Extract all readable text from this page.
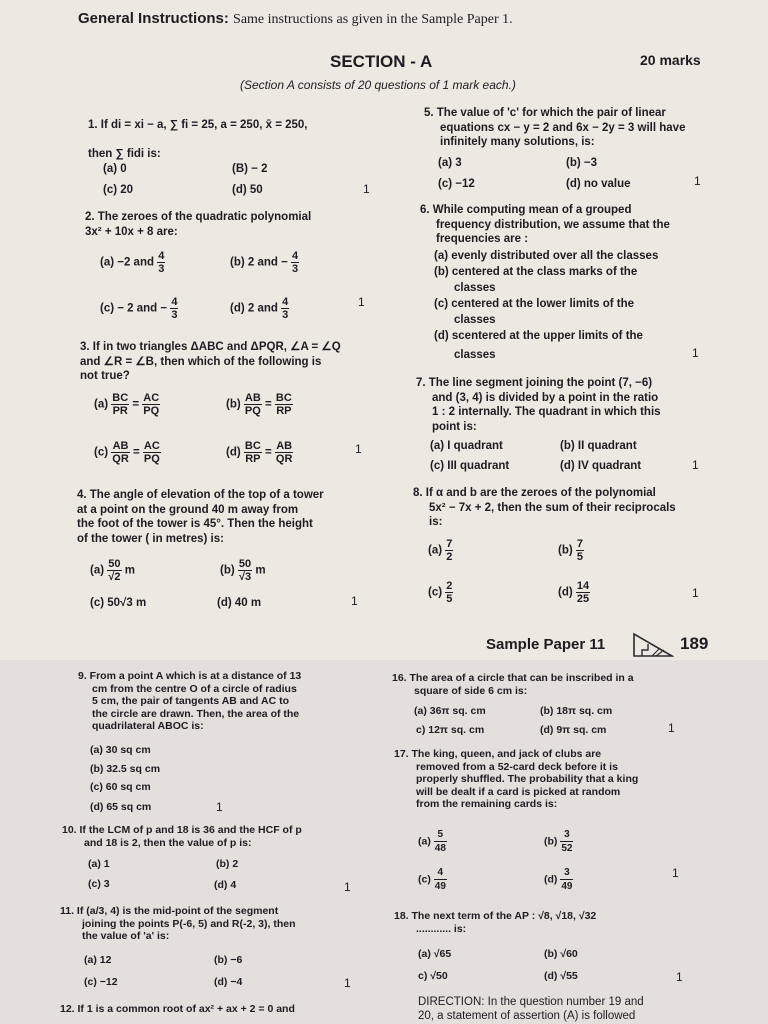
General Instructions: Same instructions as given in the Sample Paper 1.
SECTION - A	20 marks
(Section A consists of 20 questions of 1 mark each.)
1. If di = xi − a, ∑ fi = 25, a = 250, x̄ = 250,
then ∑ fidi is:
(a) 0	(B) − 2
(c) 20	(d) 50	1
2. The zeroes of the quadratic polynomial
3x² + 10x + 8 are:
(a) −2 and $\frac{4}{3}$	(b) 2 and − $\frac{4}{3}$
(c) − 2 and − $\frac{4}{3}$	(d) 2 and $\frac{4}{3}$	1
3. If in two triangles ΔABC and ΔPQR, ∠A = ∠Q
and ∠R = ∠B, then which of the following is
not true?
$(a) \frac{BC}{PR} = \frac{AC}{PQ}$	$(b) \frac{AB}{PQ} = \frac{BC}{RP}$
$(c) \frac{AB}{QR} = \frac{AC}{PQ}$	$(d) \frac{BC}{RP} = \frac{AB}{QR}$	1
4. The angle of elevation of the top of a tower
at a point on the ground 40 m away from
the foot of the tower is 45°. Then the height
of the tower ( in metres) is:
$(a) \frac{50}{√2}$ m	$(b) \frac{50}{√3}$ m
(c) 50√3 m	(d) 40 m	1
5. The value of 'c' for which the pair of linear
equations cx − y = 2 and 6x − 2y = 3 will have
infinitely many solutions, is:
(a) 3	(b) −3
(c) −12	(d) no value	1
6. While computing mean of a grouped
frequency distribution, we assume that the
frequencies are :
(a) evenly distributed over all the classes
(b) centered at the class marks of the
classes
(c) centered at the lower limits of the
classes
(d) scentered at the upper limits of the
classes	1
7. The line segment joining the point (7, −6)
and (3, 4) is divided by a point in the ratio
1 : 2 internally. The quadrant in which this
point is:
(a) I quadrant	(b) II quadrant
(c) III quadrant	(d) IV quadrant	1
8. If α and b are the zeroes of the polynomial
5x² − 7x + 2, then the sum of their reciprocals
is:
$(a) \frac{7}{2}$	$(b) \frac{7}{5}$
$(c) \frac{2}{5}$	$(d) \frac{14}{25}$	1
Sample Paper 11	189
9. From a point A which is at a distance of 13
cm from the centre O of a circle of radius
5 cm, the pair of tangents AB and AC to
the circle are drawn. Then, the area of the
quadrilateral ABOC is:
(a) 30 sq cm
(b) 32.5 sq cm
(c) 60 sq cm
(d) 65 sq cm	1
10. If the LCM of p and 18 is 36 and the HCF of p
and 18 is 2, then the value of p is:
(a) 1	(b) 2
(c) 3	(d) 4	1
11. If (a/3, 4) is the mid-point of the segment
joining the points P(-6, 5) and R(-2, 3), then
the value of 'a' is:
(a) 12	(b) −6
(c) −12	(d) −4	1
12. If 1 is a common root of ax² + ax + 2 = 0 and
16. The area of a circle that can be inscribed in a
square of side 6 cm is:
(a) 36π sq. cm	(b) 18π sq. cm
c) 12π sq. cm	(d) 9π sq. cm	1
17. The king, queen, and jack of clubs are
removed from a 52-card deck before it is
properly shuffled. The probability that a king
will be dealt if a card is picked at random
from the remaining cards is:
$(a) \frac{5}{48}$	$(b) \frac{3}{52}$
$(c) \frac{4}{49}$	$(d) \frac{3}{49}$	1
18. The next term of the AP : √8, √18, √32
............ is:
(a) √65	(b) √60
c) √50	(d) √55	1
DIRECTION: In the question number 19 and
20, a statement of assertion (A) is followed
